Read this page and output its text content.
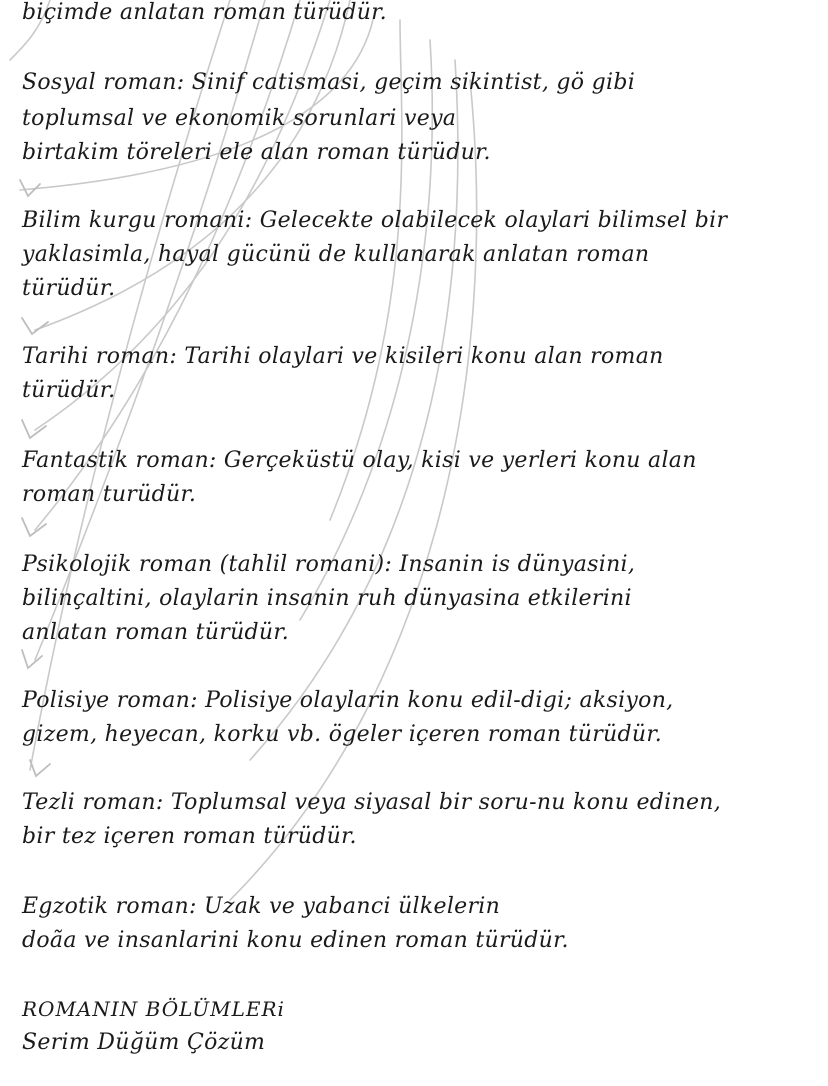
biçimde anlatan roman türüdür.
Sosyal roman: Sinif catismasi, geçim sikintist, gö gibi
toplumsal ve ekonomik sorunlari veya
birtakim töreleri ele alan roman türüdur.
Bilim kurgu romani: Gelecekte olabilecek olaylari bilimsel bir
yaklasimla, hayal gücünü de kullanarak anlatan roman
türüdür.
Tarihi roman: Tarihi olaylari ve kisileri konu alan roman
türüdür.
Fantastik roman: Gerçeküstü olay, kisi ve yerleri konu alan
roman turüdür.
Psikolojik roman (tahlil romani): Insanin is dünyasini,
bilinçaltini, olaylarin insanin ruh dünyasina etkilerini
anlatan roman türüdür.
Polisiye roman: Polisiye olaylarin konu edil-digi; aksiyon,
gizem, heyecan, korku vb. ögeler içeren roman türüdür.
Tezli roman: Toplumsal veya siyasal bir soru-nu konu edinen,
bir tez içeren roman türüdür.
Egzotik roman: Uzak ve yabanci ülkelerin
doãa ve insanlarini konu edinen roman türüdür.
ROMANIN BÖLÜMLERi
Serim Düğüm Çözüm
